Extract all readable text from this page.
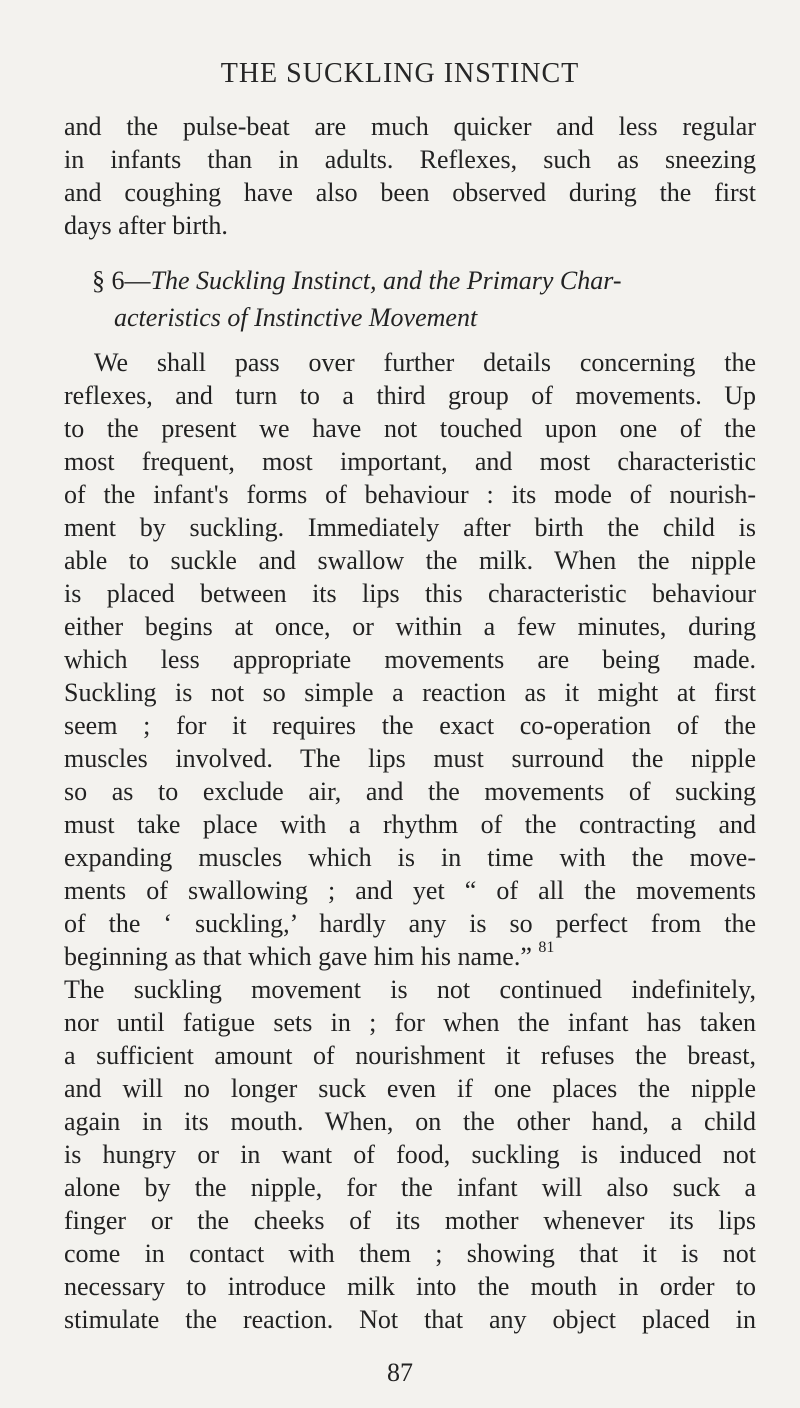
THE SUCKLING INSTINCT
and the pulse-beat are much quicker and less regular
in infants than in adults. Reflexes, such as sneezing
and coughing have also been observed during the first
days after birth.
§ 6—The Suckling Instinct, and the Primary Char-
acteristics of Instinctive Movement
We shall pass over further details concerning the
reflexes, and turn to a third group of movements. Up
to the present we have not touched upon one of the
most frequent, most important, and most characteristic
of the infant's forms of behaviour : its mode of nourish-
ment by suckling. Immediately after birth the child is
able to suckle and swallow the milk. When the nipple
is placed between its lips this characteristic behaviour
either begins at once, or within a few minutes, during
which less appropriate movements are being made.
Suckling is not so simple a reaction as it might at first
seem ; for it requires the exact co-operation of the
muscles involved. The lips must surround the nipple
so as to exclude air, and the movements of sucking
must take place with a rhythm of the contracting and
expanding muscles which is in time with the move-
ments of swallowing ; and yet “ of all the movements
of the ‘ suckling,’ hardly any is so perfect from the
beginning as that which gave him his name.” $^{81}$
The suckling movement is not continued indefinitely,
nor until fatigue sets in ; for when the infant has taken
a sufficient amount of nourishment it refuses the breast,
and will no longer suck even if one places the nipple
again in its mouth. When, on the other hand, a child
is hungry or in want of food, suckling is induced not
alone by the nipple, for the infant will also suck a
finger or the cheeks of its mother whenever its lips
come in contact with them ; showing that it is not
necessary to introduce milk into the mouth in order to
stimulate the reaction. Not that any object placed in
87
